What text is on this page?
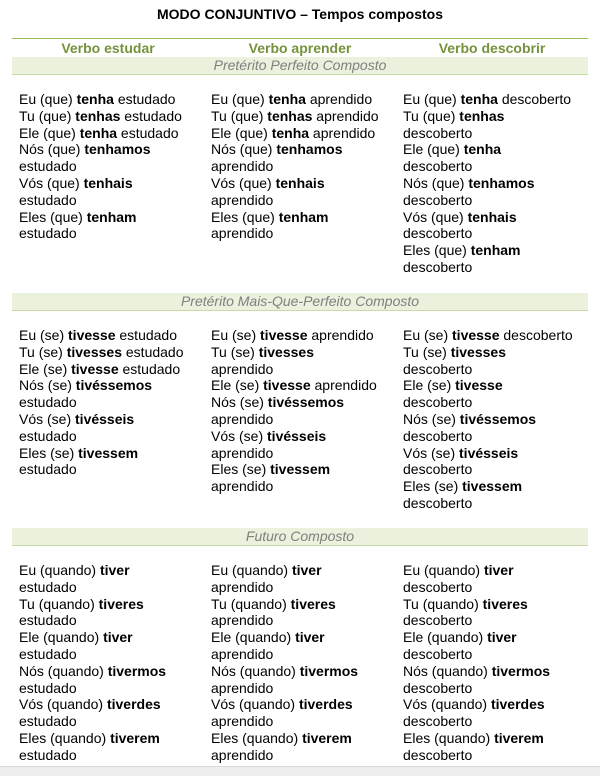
MODO CONJUNTIVO – Tempos compostos
Verbo estudar	Verbo aprender	Verbo descobrir
Pretérito Perfeito Composto
Pretérito Mais-Que-Perfeito Composto
Futuro Composto
Eu (que) tenha estudado
Tu (que) tenhas estudado
Ele (que) tenha estudado
Nós (que) tenhamos
estudado
Vós (que) tenhais
estudado
Eles (que) tenham
estudado
Eu (que) tenha aprendido
Tu (que) tenhas aprendido
Ele (que) tenha aprendido
Nós (que) tenhamos
aprendido
Vós (que) tenhais
aprendido
Eles (que) tenham
aprendido
Eu (que) tenha descoberto
Tu (que) tenhas
descoberto
Ele (que) tenha
descoberto
Nós (que) tenhamos
descoberto
Vós (que) tenhais
descoberto
Eles (que) tenham
descoberto
Eu (se) tivesse estudado
Tu (se) tivesses estudado
Ele (se) tivesse estudado
Nós (se) tivéssemos
estudado
Vós (se) tivésseis
estudado
Eles (se) tivessem
estudado
Eu (se) tivesse aprendido
Tu (se) tivesses
aprendido
Ele (se) tivesse aprendido
Nós (se) tivéssemos
aprendido
Vós (se) tivésseis
aprendido
Eles (se) tivessem
aprendido
Eu (se) tivesse descoberto
Tu (se) tivesses
descoberto
Ele (se) tivesse
descoberto
Nós (se) tivéssemos
descoberto
Vós (se) tivésseis
descoberto
Eles (se) tivessem
descoberto
Eu (quando) tiver
estudado
Tu (quando) tiveres
estudado
Ele (quando) tiver
estudado
Nós (quando) tivermos
estudado
Vós (quando) tiverdes
estudado
Eles (quando) tiverem
estudado
Eu (quando) tiver
aprendido
Tu (quando) tiveres
aprendido
Ele (quando) tiver
aprendido
Nós (quando) tivermos
aprendido
Vós (quando) tiverdes
aprendido
Eles (quando) tiverem
aprendido
Eu (quando) tiver
descoberto
Tu (quando) tiveres
descoberto
Ele (quando) tiver
descoberto
Nós (quando) tivermos
descoberto
Vós (quando) tiverdes
descoberto
Eles (quando) tiverem
descoberto
